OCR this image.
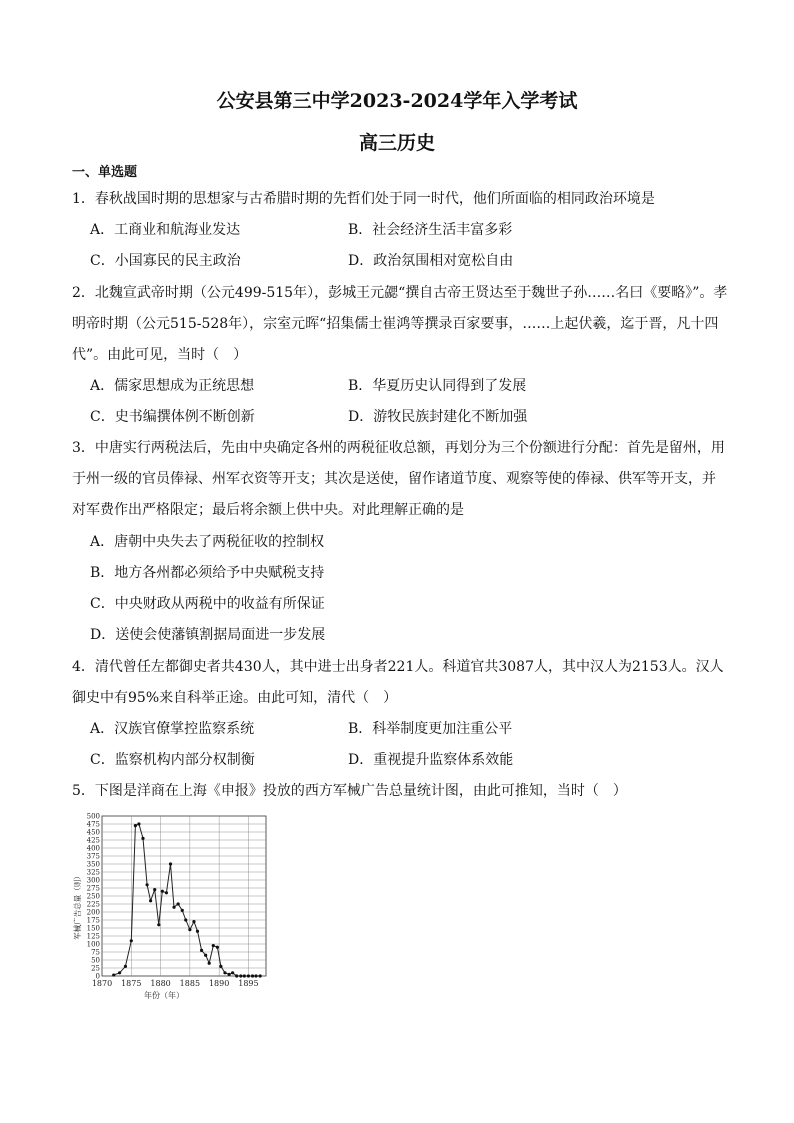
公安县第三中学2023-2024学年入学考试
高三历史
一、单选题
1．春秋战国时期的思想家与古希腊时期的先哲们处于同一时代，他们所面临的相同政治环境是
A．工商业和航海业发达	B．社会经济生活丰富多彩
C．小国寡民的民主政治	D．政治氛围相对宽松自由
2．北魏宣武帝时期（公元499-515年），彭城王元勰“撰自古帝王贤达至于魏世子孙……名曰《要略》”。孝
明帝时期（公元515-528年），宗室元晖“招集儒士崔鸿等撰录百家要事，……上起伏羲，迄于晋，凡十四
代”。由此可见，当时（　）
A．儒家思想成为正统思想	B．华夏历史认同得到了发展
C．史书编撰体例不断创新	D．游牧民族封建化不断加强
3．中唐实行两税法后，先由中央确定各州的两税征收总额，再划分为三个份额进行分配：首先是留州，用
于州一级的官员俸禄、州军衣资等开支；其次是送使，留作诸道节度、观察等使的俸禄、供军等开支，并
对军费作出严格限定；最后将余额上供中央。对此理解正确的是
A．唐朝中央失去了两税征收的控制权
B．地方各州都必须给予中央赋税支持
C．中央财政从两税中的收益有所保证
D．送使会使藩镇割据局面进一步发展
4．清代曾任左都御史者共430人，其中进士出身者221人。科道官共3087人，其中汉人为2153人。汉人
御史中有95%来自科举正途。由此可知，清代（　）
A．汉族官僚掌控监察系统	B．科举制度更加注重公平
C．监察机构内部分权制衡	D．重视提升监察体系效能
5．下图是洋商在上海《申报》投放的西方军械广告总量统计图，由此可推知，当时（　）
0
25
50
75
100
125
150
175
200
225
250
275
300
325
350
375
400
425
450
475
500
1870 1875 1880 1885 1890 1895
年份（年）
军械广告总量（则）
